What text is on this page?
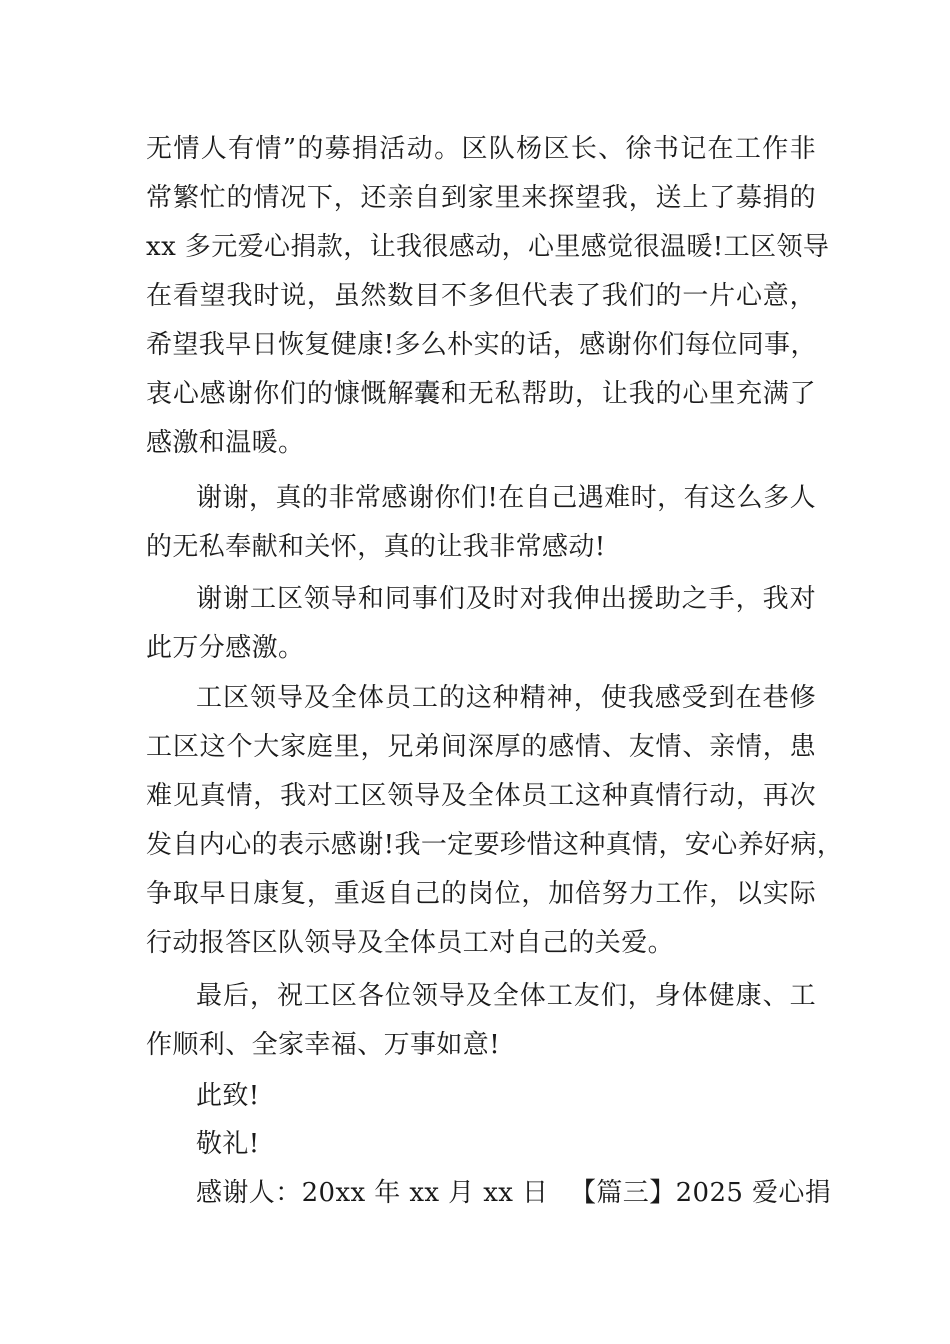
无情人有情”的募捐活动。区队杨区长、徐书记在工作非
常繁忙的情况下，还亲自到家里来探望我，送上了募捐的
xx 多元爱心捐款，让我很感动，心里感觉很温暖!工区领导
在看望我时说，虽然数目不多但代表了我们的一片心意，
希望我早日恢复健康!多么朴实的话，感谢你们每位同事，
衷心感谢你们的慷慨解囊和无私帮助，让我的心里充满了
感激和温暖。
谢谢，真的非常感谢你们!在自己遇难时，有这么多人
的无私奉献和关怀，真的让我非常感动!
谢谢工区领导和同事们及时对我伸出援助之手，我对
此万分感激。
工区领导及全体员工的这种精神，使我感受到在巷修
工区这个大家庭里，兄弟间深厚的感情、友情、亲情，患
难见真情，我对工区领导及全体员工这种真情行动，再次
发自内心的表示感谢!我一定要珍惜这种真情，安心养好病，
争取早日康复，重返自己的岗位，加倍努力工作，以实际
行动报答区队领导及全体员工对自己的关爱。
最后，祝工区各位领导及全体工友们，身体健康、工
作顺利、全家幸福、万事如意!
此致!
敬礼!
感谢人：20xx 年 xx 月 xx 日 【篇三】2025 爱心捐
